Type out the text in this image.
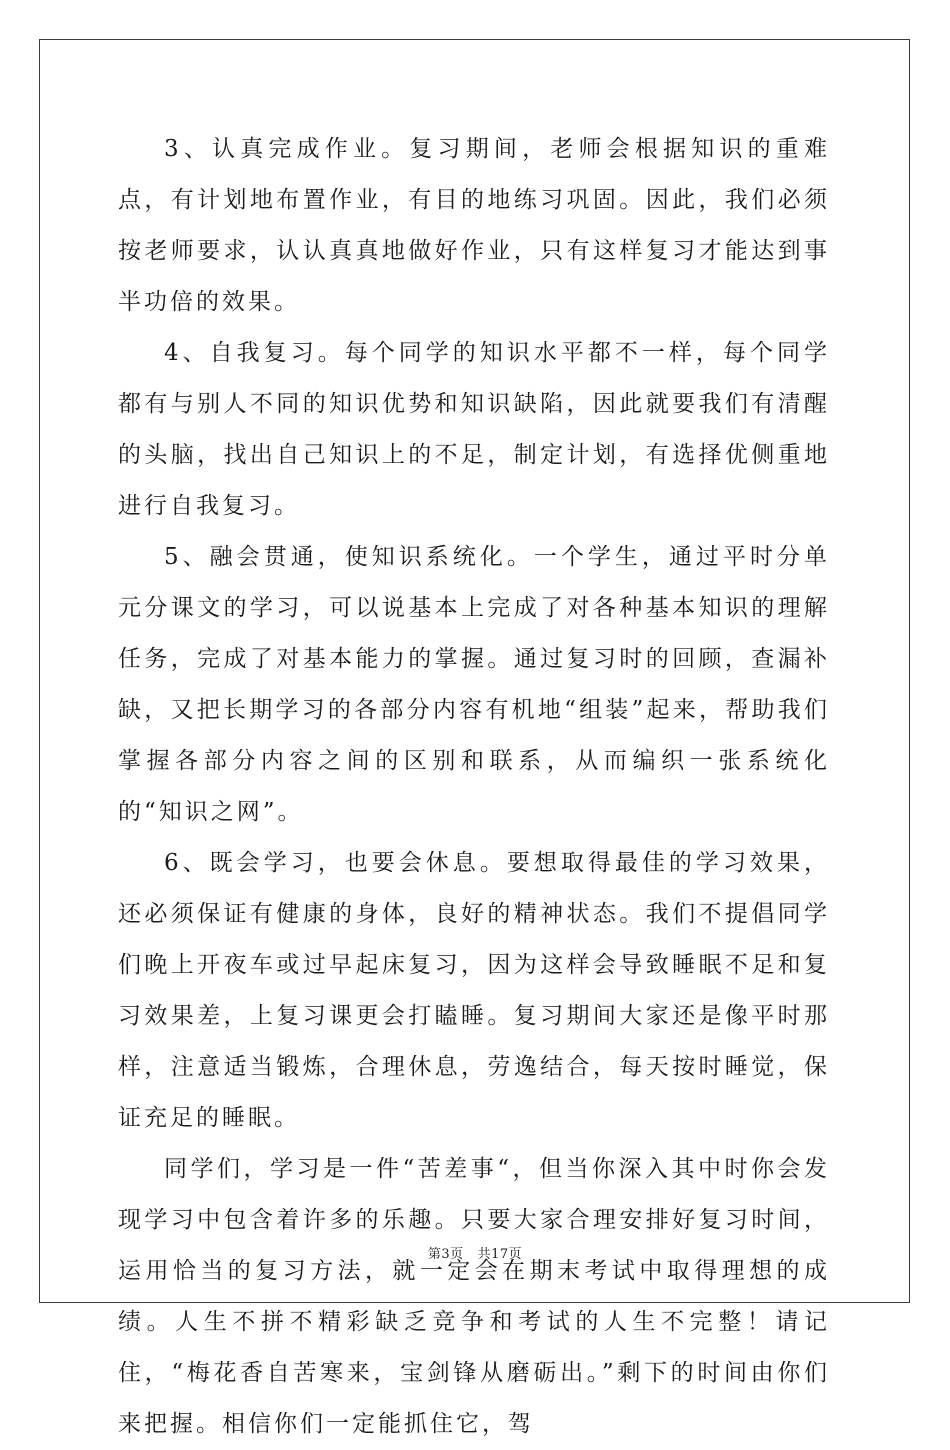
3、认真完成作业。复习期间，老师会根据知识的重难点，有计划地布置作业，有目的地练习巩固。因此，我们必须按老师要求，认认真真地做好作业，只有这样复习才能达到事半功倍的效果。

4、自我复习。每个同学的知识水平都不一样，每个同学都有与别人不同的知识优势和知识缺陷，因此就要我们有清醒的头脑，找出自己知识上的不足，制定计划，有选择优侧重地进行自我复习。

5、融会贯通，使知识系统化。一个学生，通过平时分单元分课文的学习，可以说基本上完成了对各种基本知识的理解任务，完成了对基本能力的掌握。通过复习时的回顾，查漏补缺，又把长期学习的各部分内容有机地“组装”起来，帮助我们掌握各部分内容之间的区别和联系，从而编织一张系统化的“知识之网”。

6、既会学习，也要会休息。要想取得最佳的学习效果，还必须保证有健康的身体，良好的精神状态。我们不提倡同学们晚上开夜车或过早起床复习，因为这样会导致睡眠不足和复习效果差，上复习课更会打瞌睡。复习期间大家还是像平时那样，注意适当锻炼，合理休息，劳逸结合，每天按时睡觉，保证充足的睡眠。

同学们，学习是一件“苦差事“，但当你深入其中时你会发现学习中包含着许多的乐趣。只要大家合理安排好复习时间，运用恰当的复习方法，就一定会在期末考试中取得理想的成绩。人生不拼不精彩缺乏竞争和考试的人生不完整！请记住，“梅花香自苦寒来，宝剑锋从磨砺出。”剩下的时间由你们来把握。相信你们一定能抓住它，驾

第3页 共17页
